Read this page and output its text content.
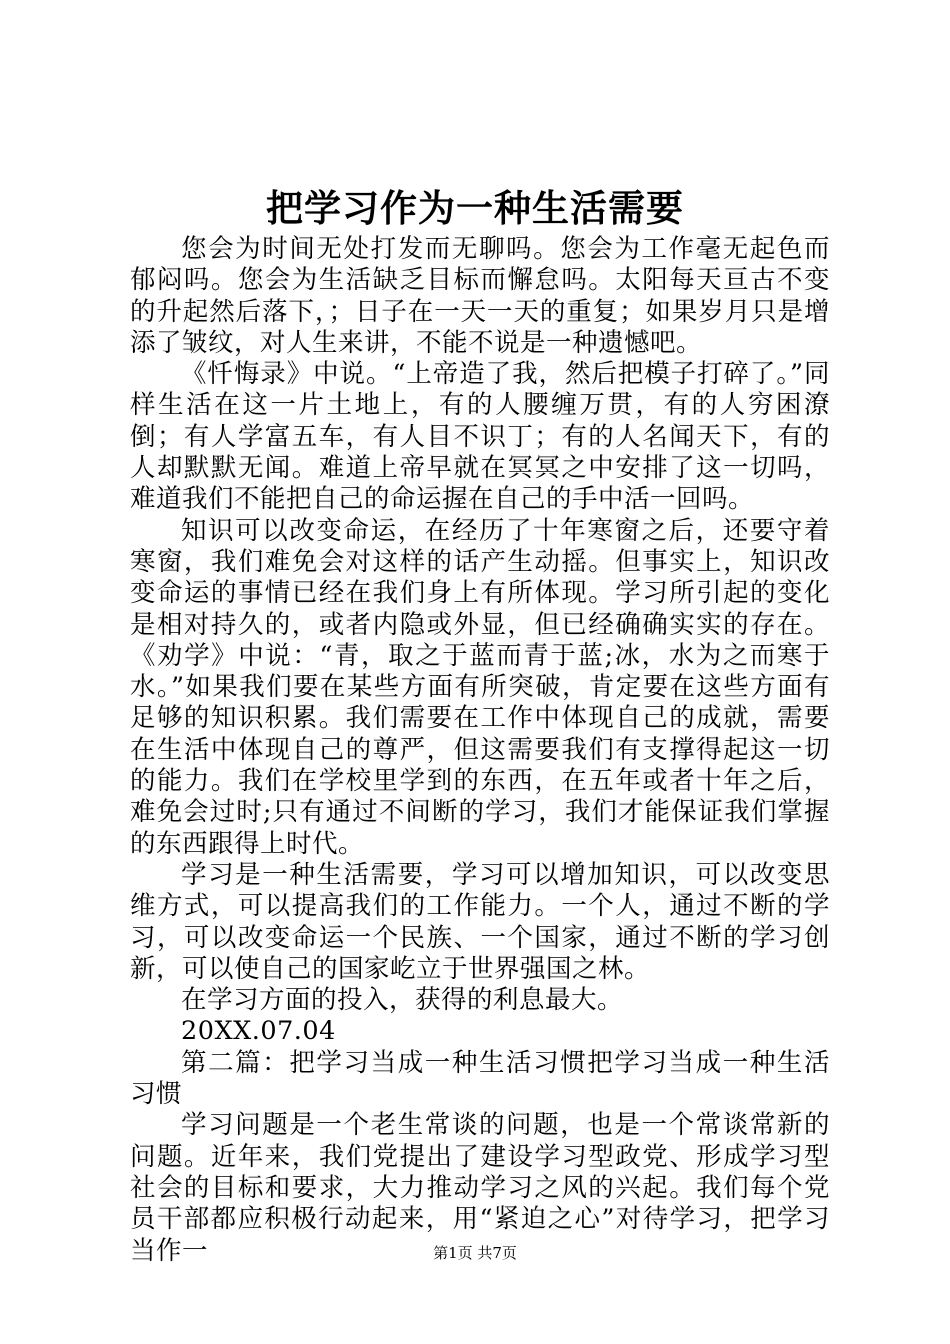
把学习作为一种生活需要

您会为时间无处打发而无聊吗。您会为工作毫无起色而郁闷吗。您会为生活缺乏目标而懈怠吗。太阳每天亘古不变的升起然后落下，；日子在一天一天的重复；如果岁月只是增添了皱纹，对人生来讲，不能不说是一种遗憾吧。

《忏悔录》中说。“上帝造了我，然后把模子打碎了。”同样生活在这一片土地上，有的人腰缠万贯，有的人穷困潦倒；有人学富五车，有人目不识丁；有的人名闻天下，有的人却默默无闻。难道上帝早就在冥冥之中安排了这一切吗，难道我们不能把自己的命运握在自己的手中活一回吗。

知识可以改变命运，在经历了十年寒窗之后，还要守着寒窗，我们难免会对这样的话产生动摇。但事实上，知识改变命运的事情已经在我们身上有所体现。学习所引起的变化是相对持久的，或者内隐或外显，但已经确确实实的存在。《劝学》中说：“青，取之于蓝而青于蓝;冰，水为之而寒于水。”如果我们要在某些方面有所突破，肯定要在这些方面有足够的知识积累。我们需要在工作中体现自己的成就，需要在生活中体现自己的尊严，但这需要我们有支撑得起这一切的能力。我们在学校里学到的东西，在五年或者十年之后，难免会过时;只有通过不间断的学习，我们才能保证我们掌握的东西跟得上时代。

学习是一种生活需要，学习可以增加知识，可以改变思维方式，可以提高我们的工作能力。一个人，通过不断的学习，可以改变命运一个民族、一个国家，通过不断的学习创新，可以使自己的国家屹立于世界强国之林。

在学习方面的投入，获得的利息最大。

20XX.07.04

第二篇：把学习当成一种生活习惯把学习当成一种生活习惯

学习问题是一个老生常谈的问题，也是一个常谈常新的问题。近年来，我们党提出了建设学习型政党、形成学习型社会的目标和要求，大力推动学习之风的兴起。我们每个党员干部都应积极行动起来，用“紧迫之心”对待学习，把学习当作一	第1页 共7页
